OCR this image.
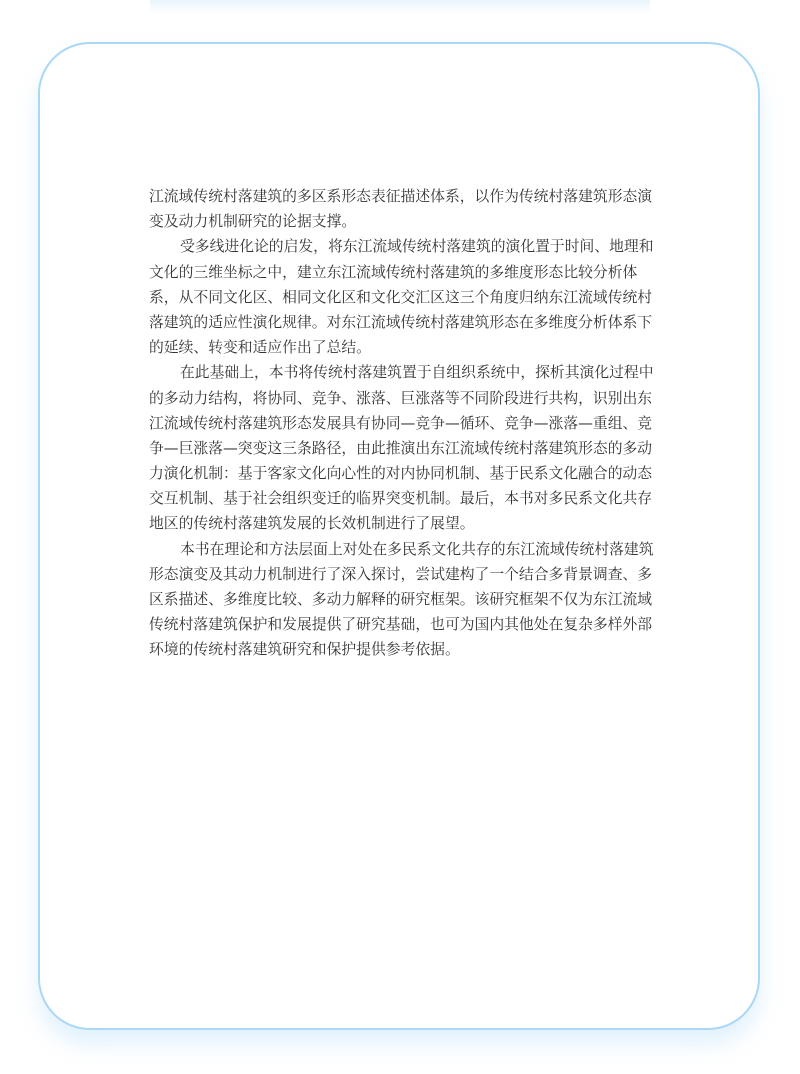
江流域传统村落建筑的多区系形态表征描述体系，以作为传统村落建筑形态演
变及动力机制研究的论据支撑。
受多线进化论的启发，将东江流域传统村落建筑的演化置于时间、地理和
文化的三维坐标之中，建立东江流域传统村落建筑的多维度形态比较分析体
系，从不同文化区、相同文化区和文化交汇区这三个角度归纳东江流域传统村
落建筑的适应性演化规律。对东江流域传统村落建筑形态在多维度分析体系下
的延续、转变和适应作出了总结。
在此基础上，本书将传统村落建筑置于自组织系统中，探析其演化过程中
的多动力结构，将协同、竞争、涨落、巨涨落等不同阶段进行共构，识别出东
江流域传统村落建筑形态发展具有协同—竞争—循环、竞争—涨落—重组、竞
争—巨涨落—突变这三条路径，由此推演出东江流域传统村落建筑形态的多动
力演化机制：基于客家文化向心性的对内协同机制、基于民系文化融合的动态
交互机制、基于社会组织变迁的临界突变机制。最后，本书对多民系文化共存
地区的传统村落建筑发展的长效机制进行了展望。
本书在理论和方法层面上对处在多民系文化共存的东江流域传统村落建筑
形态演变及其动力机制进行了深入探讨，尝试建构了一个结合多背景调查、多
区系描述、多维度比较、多动力解释的研究框架。该研究框架不仅为东江流域
传统村落建筑保护和发展提供了研究基础，也可为国内其他处在复杂多样外部
环境的传统村落建筑研究和保护提供参考依据。
